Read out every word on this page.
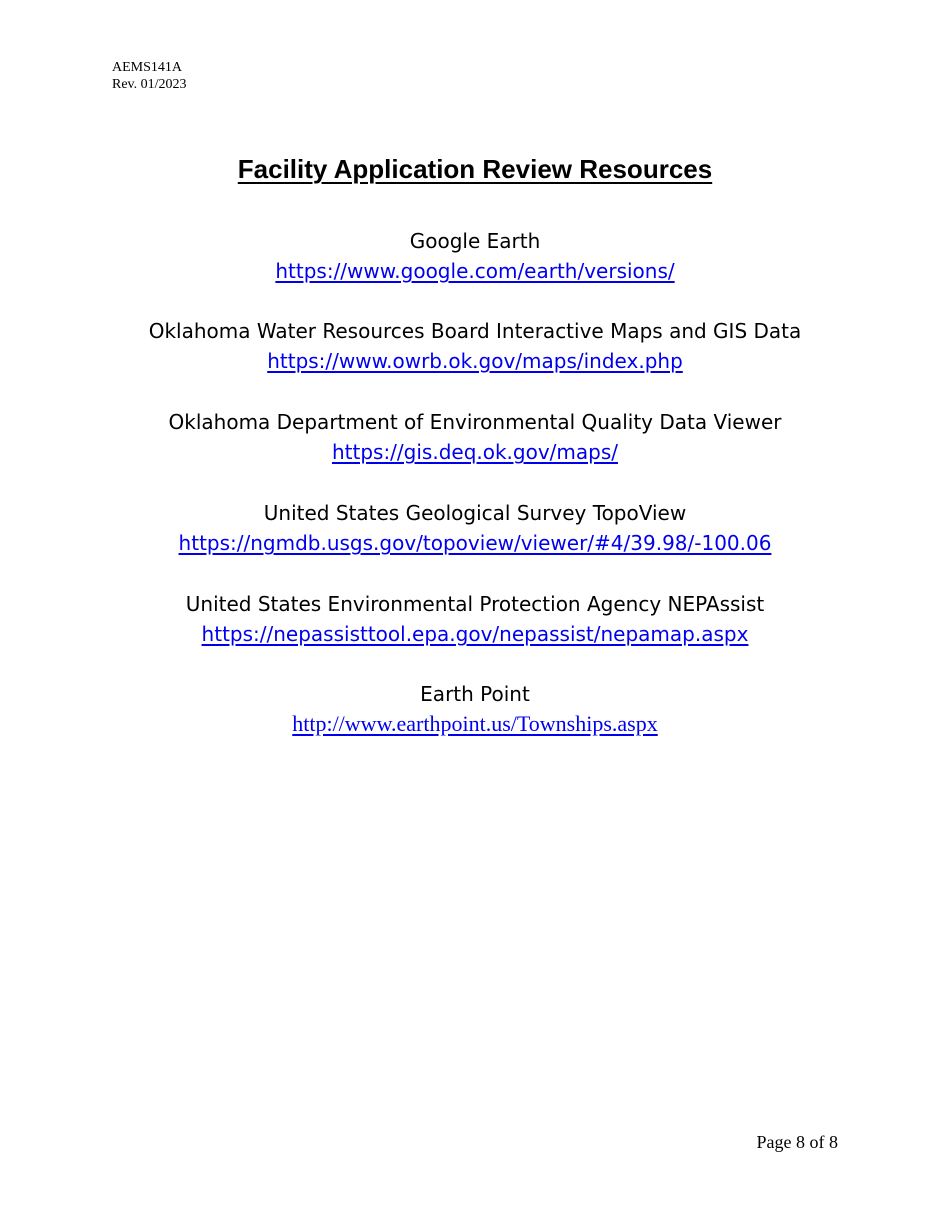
AEMS141A
Rev. 01/2023
Facility Application Review Resources
Google Earth
https://www.google.com/earth/versions/
Oklahoma Water Resources Board Interactive Maps and GIS Data
https://www.owrb.ok.gov/maps/index.php
Oklahoma Department of Environmental Quality Data Viewer
https://gis.deq.ok.gov/maps/
United States Geological Survey TopoView
https://ngmdb.usgs.gov/topoview/viewer/#4/39.98/-100.06
United States Environmental Protection Agency NEPAssist
https://nepassisttool.epa.gov/nepassist/nepamap.aspx
Earth Point
http://www.earthpoint.us/Townships.aspx
Page 8 of 8
